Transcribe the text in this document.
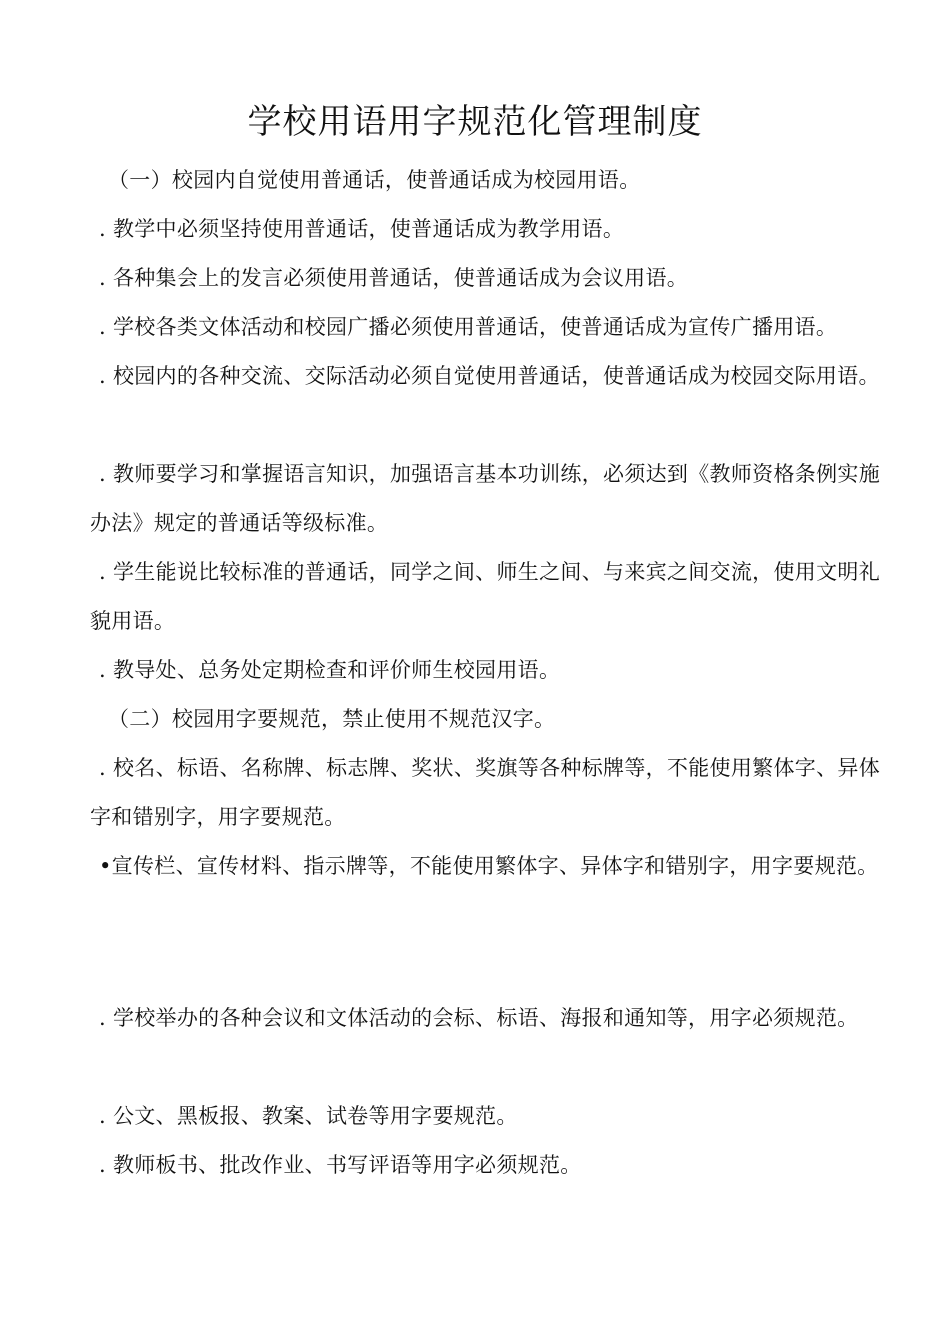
学校用语用字规范化管理制度

（一）校园内自觉使用普通话，使普通话成为校园用语。

. 教学中必须坚持使用普通话，使普通话成为教学用语。

. 各种集会上的发言必须使用普通话，使普通话成为会议用语。

. 学校各类文体活动和校园广播必须使用普通话，使普通话成为宣传广播用语。

. 校园内的各种交流、交际活动必须自觉使用普通话，使普通话成为校园交际用语。

. 教师要学习和掌握语言知识，加强语言基本功训练，必须达到《教师资格条例实施办法》规定的普通话等级标准。

. 学生能说比较标准的普通话，同学之间、师生之间、与来宾之间交流，使用文明礼貌用语。

. 教导处、总务处定期检查和评价师生校园用语。

（二）校园用字要规范，禁止使用不规范汉字。

. 校名、标语、名称牌、标志牌、奖状、奖旗等各种标牌等，不能使用繁体字、异体字和错别字，用字要规范。

•宣传栏、宣传材料、指示牌等，不能使用繁体字、异体字和错别字，用字要规范。

. 学校举办的各种会议和文体活动的会标、标语、海报和通知等，用字必须规范。

. 公文、黑板报、教案、试卷等用字要规范。

. 教师板书、批改作业、书写评语等用字必须规范。
